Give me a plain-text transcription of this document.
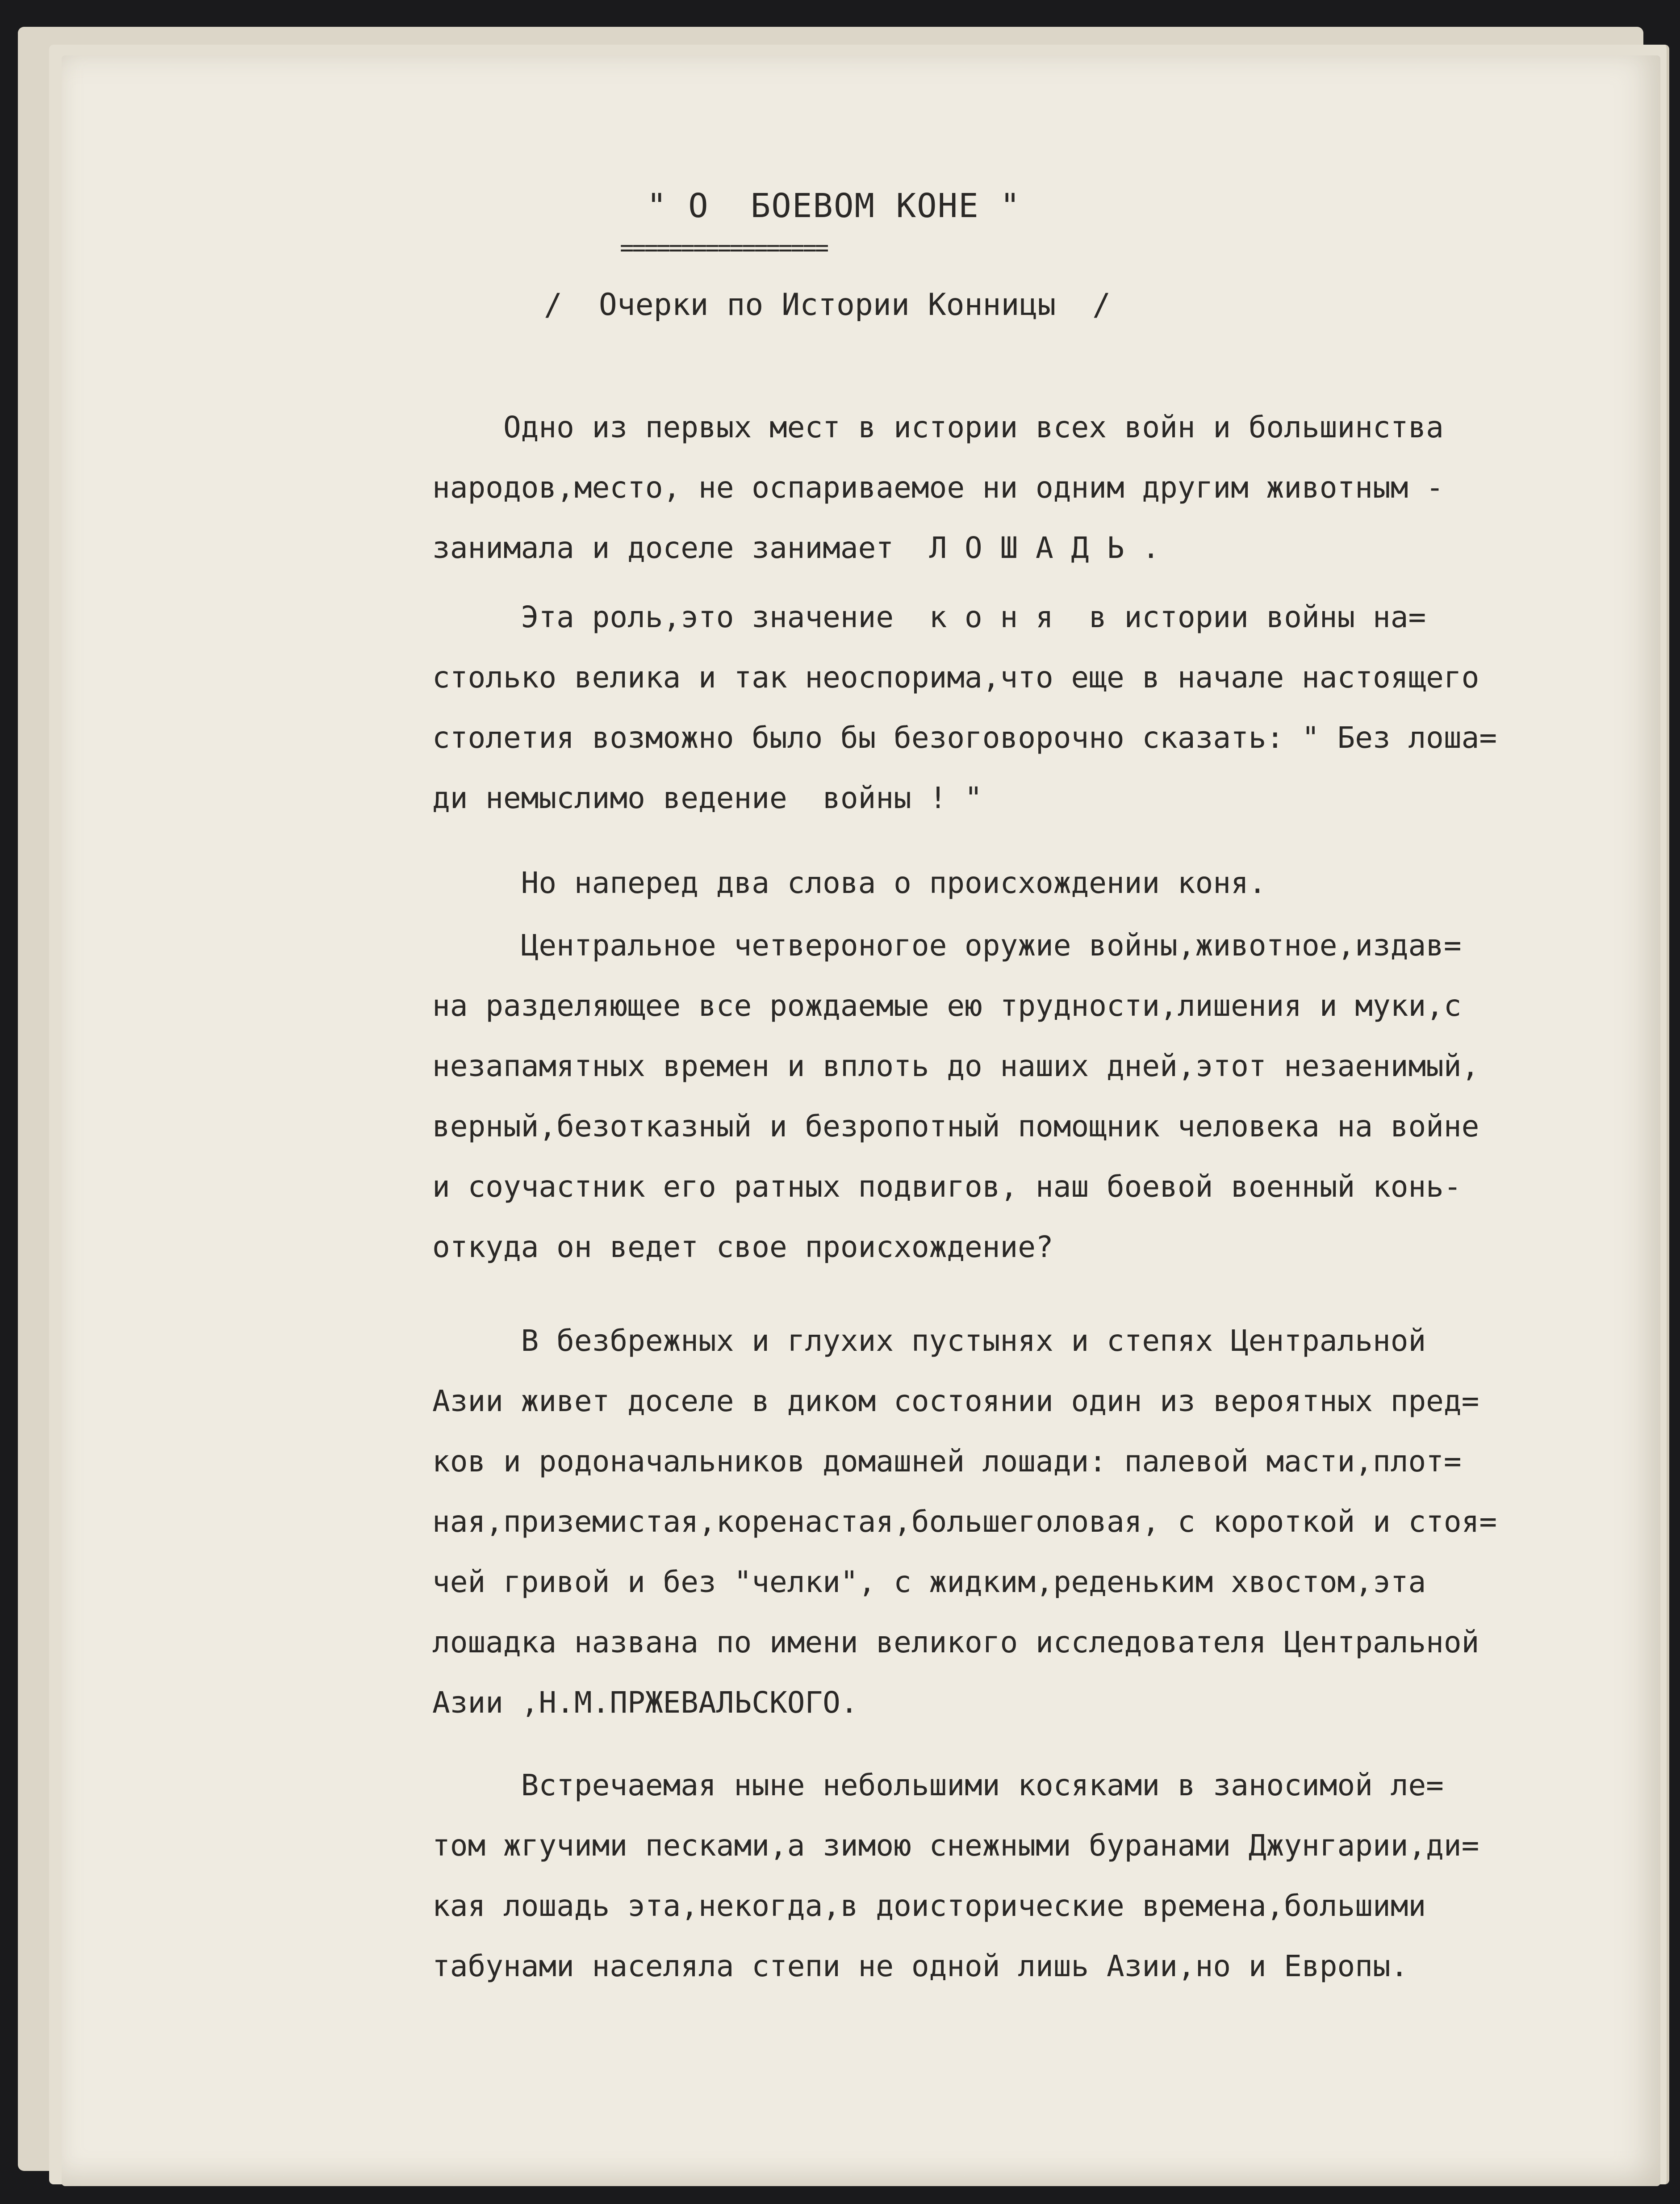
" О  БОЕВОМ КОНЕ "
=================
/  Очерки по Истории Конницы  /
Одно из первых мест в истории всех войн и большинства
народов,место, не оспариваемое ни одним другим животным -
занимала и доселе занимает  Л О Ш А Д Ь .
Эта роль,это значение  к о н я  в истории войны на=
столько велика и так неоспорима,что еще в начале настоящего
столетия возможно было бы безоговорочно сказать: " Без лоша=
ди немыслимо ведение  войны ! "
Но наперед два слова о происхождении коня.
Центральное четвероногое оружие войны,животное,издав=
на разделяющее все рождаемые ею трудности,лишения и муки,с
незапамятных времен и вплоть до наших дней,этот незаенимый,
верный,безотказный и безропотный помощник человека на войне
и соучастник его ратных подвигов, наш боевой военный конь-
откуда он ведет свое происхождение?
В безбрежных и глухих пустынях и степях Центральной
Азии живет доселе в диком состоянии один из вероятных пред=
ков и родоначальников домашней лошади: палевой масти,плот=
ная,приземистая,коренастая,большеголовая, с короткой и стоя=
чей гривой и без "челки", с жидким,реденьким хвостом,эта
лошадка названа по имени великого исследователя Центральной
Азии ,Н.М.ПРЖЕВАЛЬСКОГО.
Встречаемая ныне небольшими косяками в заносимой ле=
том жгучими песками,а зимою снежными буранами Джунгарии,ди=
кая лошадь эта,некогда,в доисторические времена,большими
табунами населяла степи не одной лишь Азии,но и Европы.
